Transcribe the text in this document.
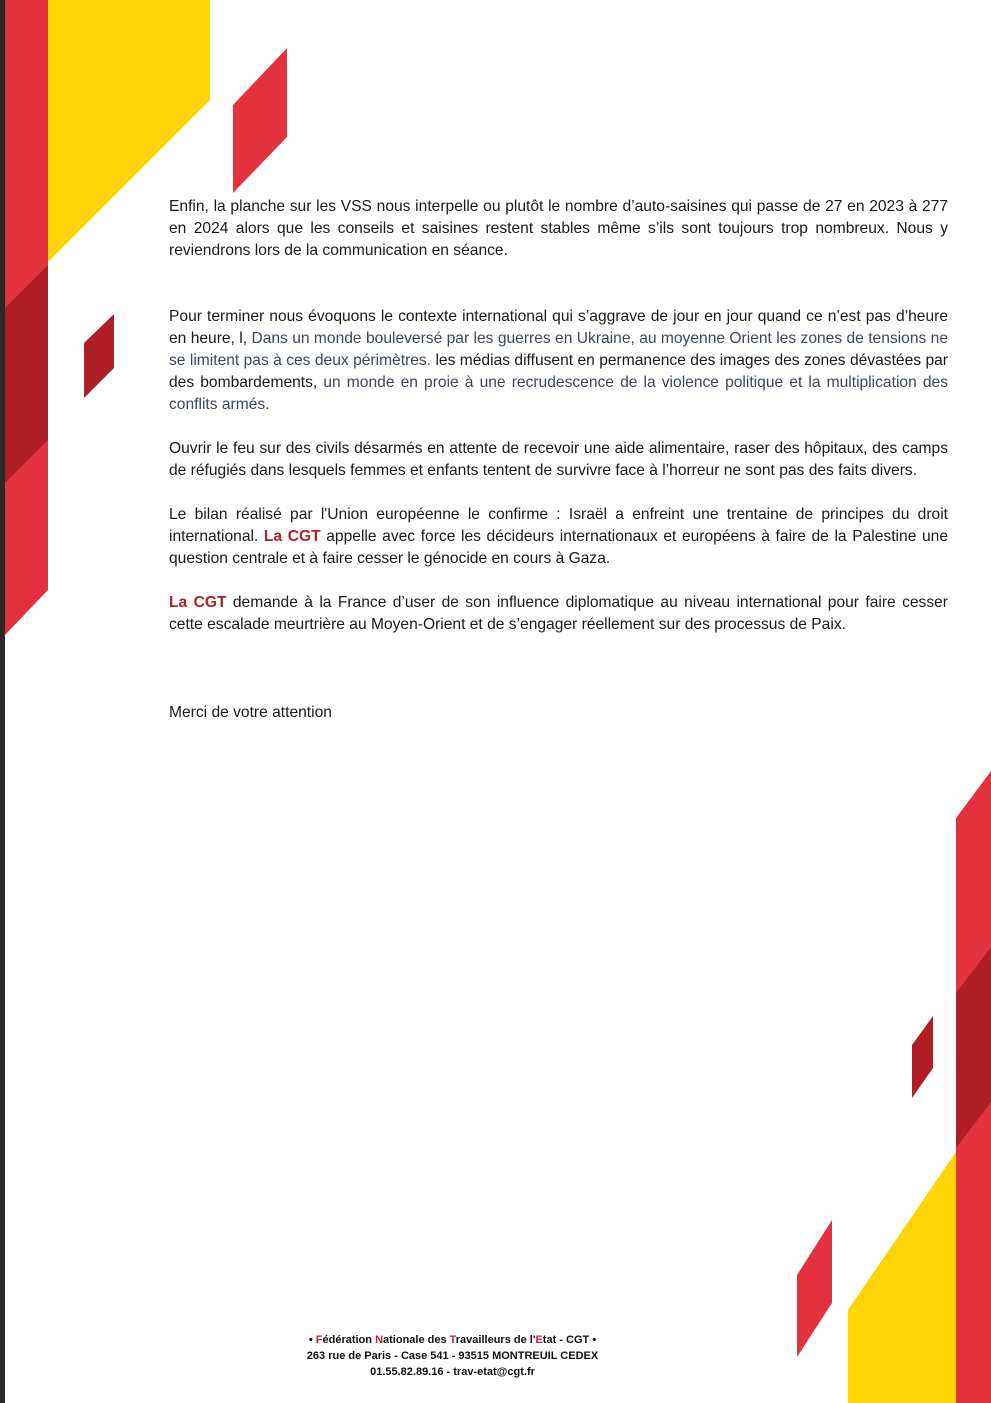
Enfin, la planche sur les VSS nous interpelle ou plutôt le nombre d’auto-saisines qui passe de 27 en 2023 à 277 en 2024 alors que les conseils et saisines restent stables même s’ils sont toujours trop nombreux. Nous y reviendrons lors de la communication en séance.

Pour terminer nous évoquons le contexte international qui s’aggrave de jour en jour quand ce n’est pas d’heure en heure, l, Dans un monde bouleversé par les guerres en Ukraine, au moyenne Orient les zones de tensions ne se limitent pas à ces deux périmètres. les médias diffusent en permanence des images des zones dévastées par des bombardements, un monde en proie à une recrudescence de la violence politique et la multiplication des conflits armés.

Ouvrir le feu sur des civils désarmés en attente de recevoir une aide alimentaire, raser des hôpitaux, des camps de réfugiés dans lesquels femmes et enfants tentent de survivre face à l’horreur ne sont pas des faits divers.

Le bilan réalisé par l'Union européenne le confirme : Israël a enfreint une trentaine de principes du droit international. La CGT appelle avec force les décideurs internationaux et européens à faire de la Palestine une question centrale et à faire cesser le génocide en cours à Gaza.

La CGT demande à la France d’user de son influence diplomatique au niveau international pour faire cesser cette escalade meurtrière au Moyen-Orient et de s’engager réellement sur des processus de Paix.

Merci de votre attention

• Fédération Nationale des Travailleurs de l'Etat - CGT •
263 rue de Paris - Case 541 - 93515 MONTREUIL CEDEX
01.55.82.89.16 - trav-etat@cgt.fr
